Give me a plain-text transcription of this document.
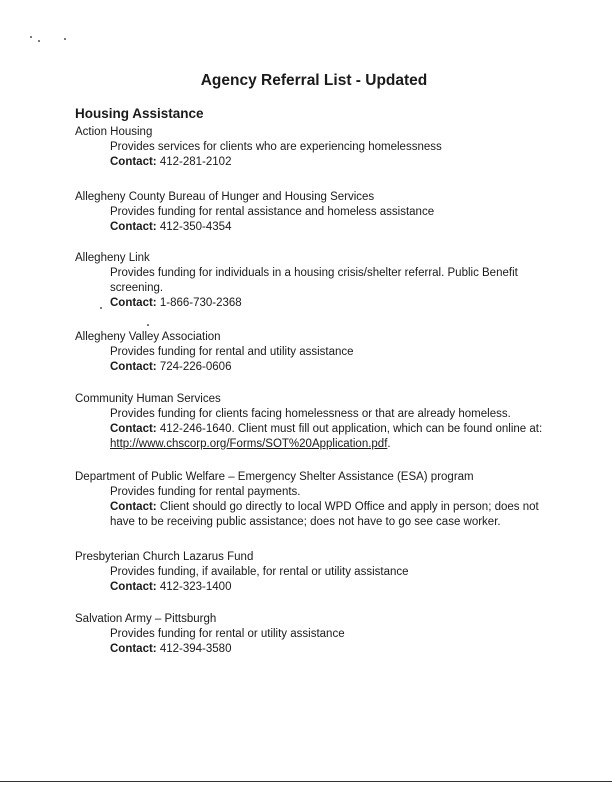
Agency Referral List - Updated
Housing Assistance
Action Housing
Provides services for clients who are experiencing homelessness
Contact: 412-281-2102
Allegheny County Bureau of Hunger and Housing Services
Provides funding for rental assistance and homeless assistance
Contact: 412-350-4354
Allegheny Link
Provides funding for individuals in a housing crisis/shelter referral. Public Benefit screening.
Contact: 1-866-730-2368
Allegheny Valley Association
Provides funding for rental and utility assistance
Contact: 724-226-0606
Community Human Services
Provides funding for clients facing homelessness or that are already homeless.
Contact: 412-246-1640. Client must fill out application, which can be found online at: http://www.chscorp.org/Forms/SOT%20Application.pdf.
Department of Public Welfare – Emergency Shelter Assistance (ESA) program
Provides funding for rental payments.
Contact: Client should go directly to local WPD Office and apply in person; does not have to be receiving public assistance; does not have to go see case worker.
Presbyterian Church Lazarus Fund
Provides funding, if available, for rental or utility assistance
Contact: 412-323-1400
Salvation Army – Pittsburgh
Provides funding for rental or utility assistance
Contact: 412-394-3580
